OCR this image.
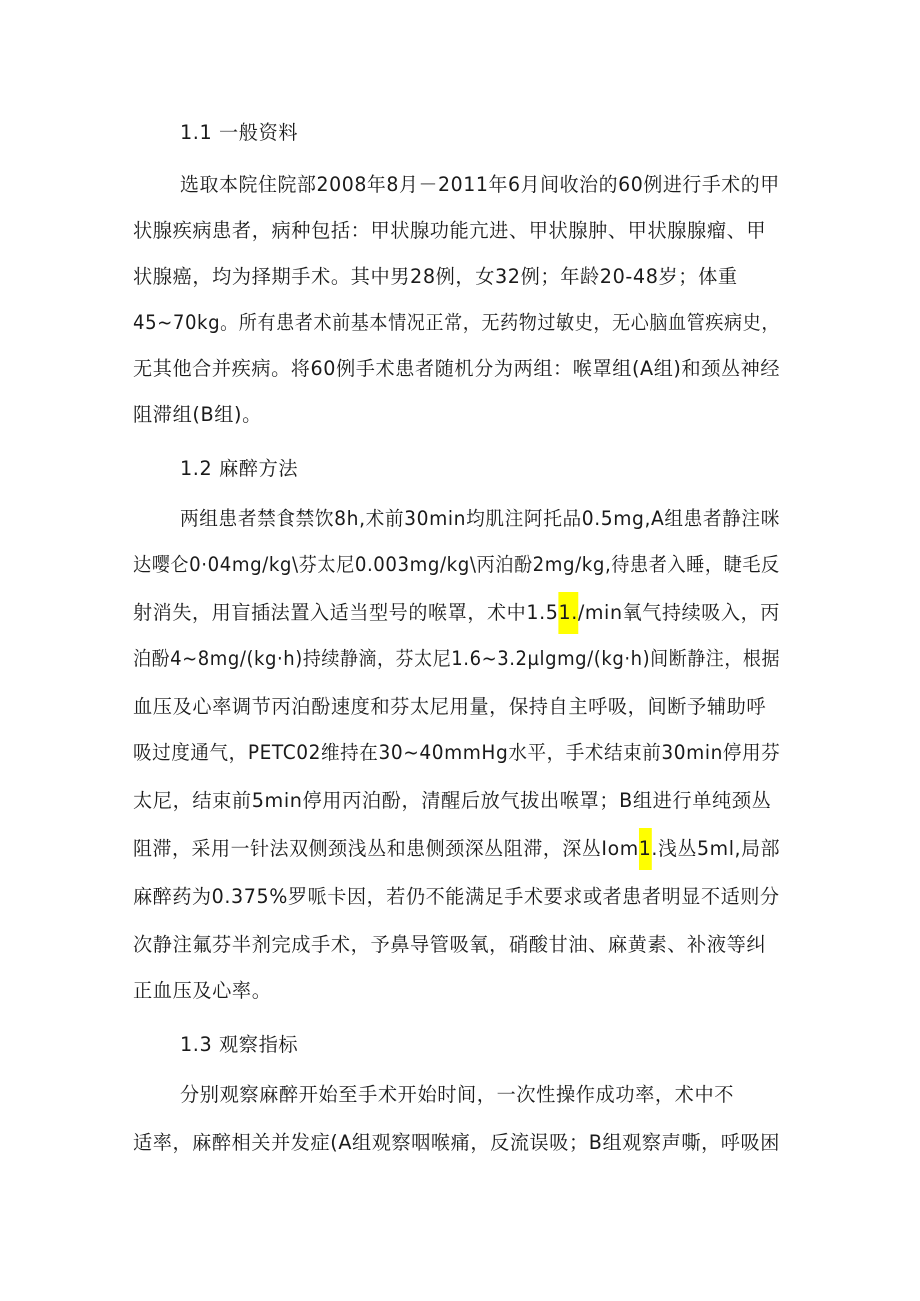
1.1 一般资料
选取本院住院部2008年8月－2011年6月间收治的60例进行手术的甲
状腺疾病患者，病种包括：甲状腺功能亢进、甲状腺肿、甲状腺腺瘤、甲
状腺癌，均为择期手术。其中男28例，女32例；年龄20-48岁；体重
45~70kg。所有患者术前基本情况正常，无药物过敏史，无心脑血管疾病史，
无其他合并疾病。将60例手术患者随机分为两组：喉罩组(A组)和颈丛神经
阻滞组(B组)。
1.2 麻醉方法
两组患者禁食禁饮8h,术前30min均肌注阿托品0.5mg,A组患者静注咪
达嘤仑0·04mg/kg\芬太尼0.003mg/kg\丙泊酚2mg/kg,待患者入睡，睫毛反
射消失，用盲插法置入适当型号的喉罩，术中1.51./min氧气持续吸入，丙
泊酚4~8mg/(kg·h)持续静滴，芬太尼1.6~3.2µlgmg/(kg·h)间断静注，根据
血压及心率调节丙泊酚速度和芬太尼用量，保持自主呼吸，间断予辅助呼
吸过度通气，PETC02维持在30~40mmHg水平，手术结束前30min停用芬
太尼，结束前5min停用丙泊酚，清醒后放气拔出喉罩；B组进行单纯颈丛
阻滞，采用一针法双侧颈浅丛和患侧颈深丛阻滞，深丛Iom1.浅丛5ml,局部
麻醉药为0.375%罗哌卡因，若仍不能满足手术要求或者患者明显不适则分
次静注氟芬半剂完成手术，予鼻导管吸氧，硝酸甘油、麻黄素、补液等纠
正血压及心率。
1.3 观察指标
分别观察麻醉开始至手术开始时间，一次性操作成功率，术中不
适率，麻醉相关并发症(A组观察咽喉痛，反流误吸；B组观察声嘶，呼吸困
